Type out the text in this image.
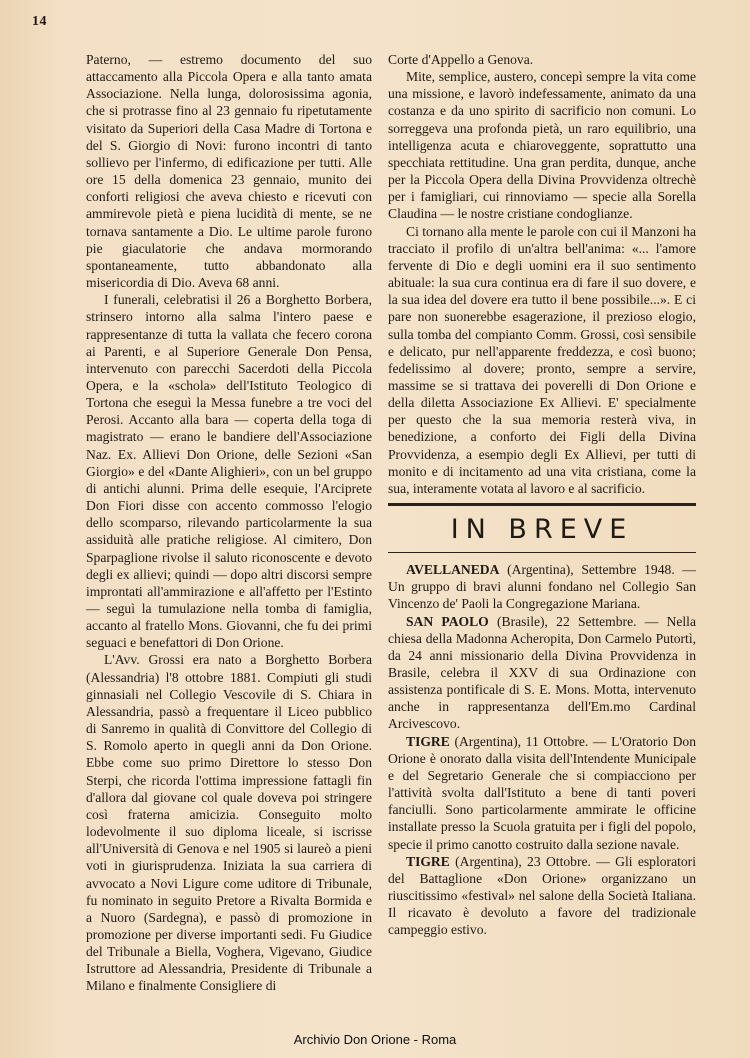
14

Paterno, — estremo documento del suo attaccamento alla Piccola Opera e alla tanto amata Associazione. Nella lunga, dolorosissima agonia, che si protrasse fino al 23 gennaio fu ripetutamente visitato da Superiori della Casa Madre di Tortona e del S. Giorgio di Novi: furono incontri di tanto sollievo per l'infermo, di edificazione per tutti. Alle ore 15 della domenica 23 gennaio, munito dei conforti religiosi che aveva chiesto e ricevuti con ammirevole pietà e piena lucidità di mente, se ne tornava santamente a Dio. Le ultime parole furono pie giaculatorie che andava mormorando spontaneamente, tutto abbandonato alla misericordia di Dio. Aveva 68 anni.

I funerali, celebratisi il 26 a Borghetto Borbera, strinsero intorno alla salma l'intero paese e rappresentanze di tutta la vallata che fecero corona ai Parenti, e al Superiore Generale Don Pensa, intervenuto con parecchi Sacerdoti della Piccola Opera, e la «schola» dell'Istituto Teologico di Tortona che eseguì la Messa funebre a tre voci del Perosi. Accanto alla bara — coperta della toga di magistrato — erano le bandiere dell'Associazione Naz. Ex. Allievi Don Orione, delle Sezioni «San Giorgio» e del «Dante Alighieri», con un bel gruppo di antichi alunni. Prima delle esequie, l'Arciprete Don Fiori disse con accento commosso l'elogio dello scomparso, rilevando particolarmente la sua assiduità alle pratiche religiose. Al cimitero, Don Sparpaglione rivolse il saluto riconoscente e devoto degli ex allievi; quindi — dopo altri discorsi sempre improntati all'ammirazione e all'affetto per l'Estinto — seguì la tumulazione nella tomba di famiglia, accanto al fratello Mons. Giovanni, che fu dei primi seguaci e benefattori di Don Orione.

L'Avv. Grossi era nato a Borghetto Borbera (Alessandria) l'8 ottobre 1881. Compiuti gli studi ginnasiali nel Collegio Vescovile di S. Chiara in Alessandria, passò a frequentare il Liceo pubblico di Sanremo in qualità di Convittore del Collegio di S. Romolo aperto in quegli anni da Don Orione. Ebbe come suo primo Direttore lo stesso Don Sterpi, che ricorda l'ottima impressione fattagli fin d'allora dal giovane col quale doveva poi stringere così fraterna amicizia. Conseguito molto lodevolmente il suo diploma liceale, si iscrisse all'Università di Genova e nel 1905 si laureò a pieni voti in giurisprudenza. Iniziata la sua carriera di avvocato a Novi Ligure come uditore di Tribunale, fu nominato in seguito Pretore a Rivalta Bormida e a Nuoro (Sardegna), e passò di promozione in promozione per diverse importanti sedi. Fu Giudice del Tribunale a Biella, Voghera, Vigevano, Giudice Istruttore ad Alessandria, Presidente di Tribunale a Milano e finalmente Consigliere di

Corte d'Appello a Genova.

Mite, semplice, austero, concepì sempre la vita come una missione, e lavorò indefessamente, animato da una costanza e da uno spirito di sacrificio non comuni. Lo sorreggeva una profonda pietà, un raro equilibrio, una intelligenza acuta e chiaroveggente, soprattutto una specchiata rettitudine. Una gran perdita, dunque, anche per la Piccola Opera della Divina Provvidenza oltrechè per i famigliari, cui rinnoviamo — specie alla Sorella Claudina — le nostre cristiane condoglianze.

Ci tornano alla mente le parole con cui il Manzoni ha tracciato il profilo di un'altra bell'anima: «... l'amore fervente di Dio e degli uomini era il suo sentimento abituale: la sua cura continua era di fare il suo dovere, e la sua idea del dovere era tutto il bene possibile...». E ci pare non suonerebbe esagerazione, il prezioso elogio, sulla tomba del compianto Comm. Grossi, così sensibile e delicato, pur nell'apparente freddezza, e così buono; fedelissimo al dovere; pronto, sempre a servire, massime se si trattava dei poverelli di Don Orione e della diletta Associazione Ex Allievi. E' specialmente per questo che la sua memoria resterà viva, in benedizione, a conforto dei Figli della Divina Provvidenza, a esempio degli Ex Allievi, per tutti di monito e di incitamento ad una vita cristiana, come la sua, interamente votata al lavoro e al sacrificio.

IN BREVE

AVELLANEDA (Argentina), Settembre 1948. — Un gruppo di bravi alunni fondano nel Collegio San Vincenzo de' Paoli la Congregazione Mariana.

SAN PAOLO (Brasile), 22 Settembre. — Nella chiesa della Madonna Acheropita, Don Carmelo Putortì, da 24 anni missionario della Divina Provvidenza in Brasile, celebra il XXV di sua Ordinazione con assistenza pontificale di S. E. Mons. Motta, intervenuto anche in rappresentanza dell'Em.mo Cardinal Arcivescovo.

TIGRE (Argentina), 11 Ottobre. — L'Oratorio Don Orione è onorato dalla visita dell'Intendente Municipale e del Segretario Generale che si compiacciono per l'attività svolta dall'Istituto a bene di tanti poveri fanciulli. Sono particolarmente ammirate le officine installate presso la Scuola gratuita per i figli del popolo, specie il primo canotto costruito dalla sezione navale.

TIGRE (Argentina), 23 Ottobre. — Gli esploratori del Battaglione «Don Orione» organizzano un riuscitissimo «festival» nel salone della Società Italiana. Il ricavato è devoluto a favore del tradizionale campeggio estivo.

Archivio Don Orione - Roma
